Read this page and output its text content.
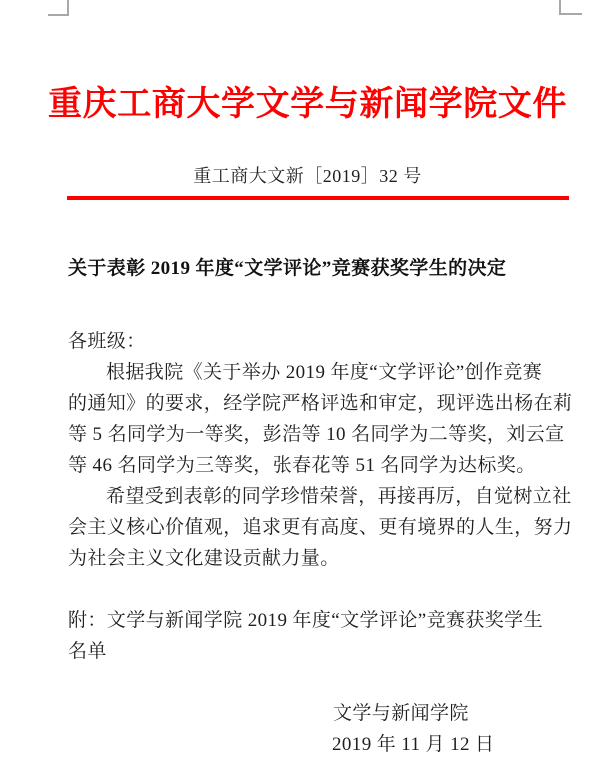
重庆工商大学文学与新闻学院文件
重工商大文新［2019］32 号
关于表彰 2019 年度“文学评论”竞赛获奖学生的决定
各班级：
根据我院《关于举办 2019 年度“文学评论”创作竞赛
的通知》的要求，经学院严格评选和审定，现评选出杨在莉
等 5 名同学为一等奖，彭浩等 10 名同学为二等奖，刘云宣
等 46 名同学为三等奖，张春花等 51 名同学为达标奖。
希望受到表彰的同学珍惜荣誉，再接再厉，自觉树立社
会主义核心价值观，追求更有高度、更有境界的人生，努力
为社会主义文化建设贡献力量。
附：文学与新闻学院 2019 年度“文学评论”竞赛获奖学生
名单
文学与新闻学院
2019 年 11 月 12 日
